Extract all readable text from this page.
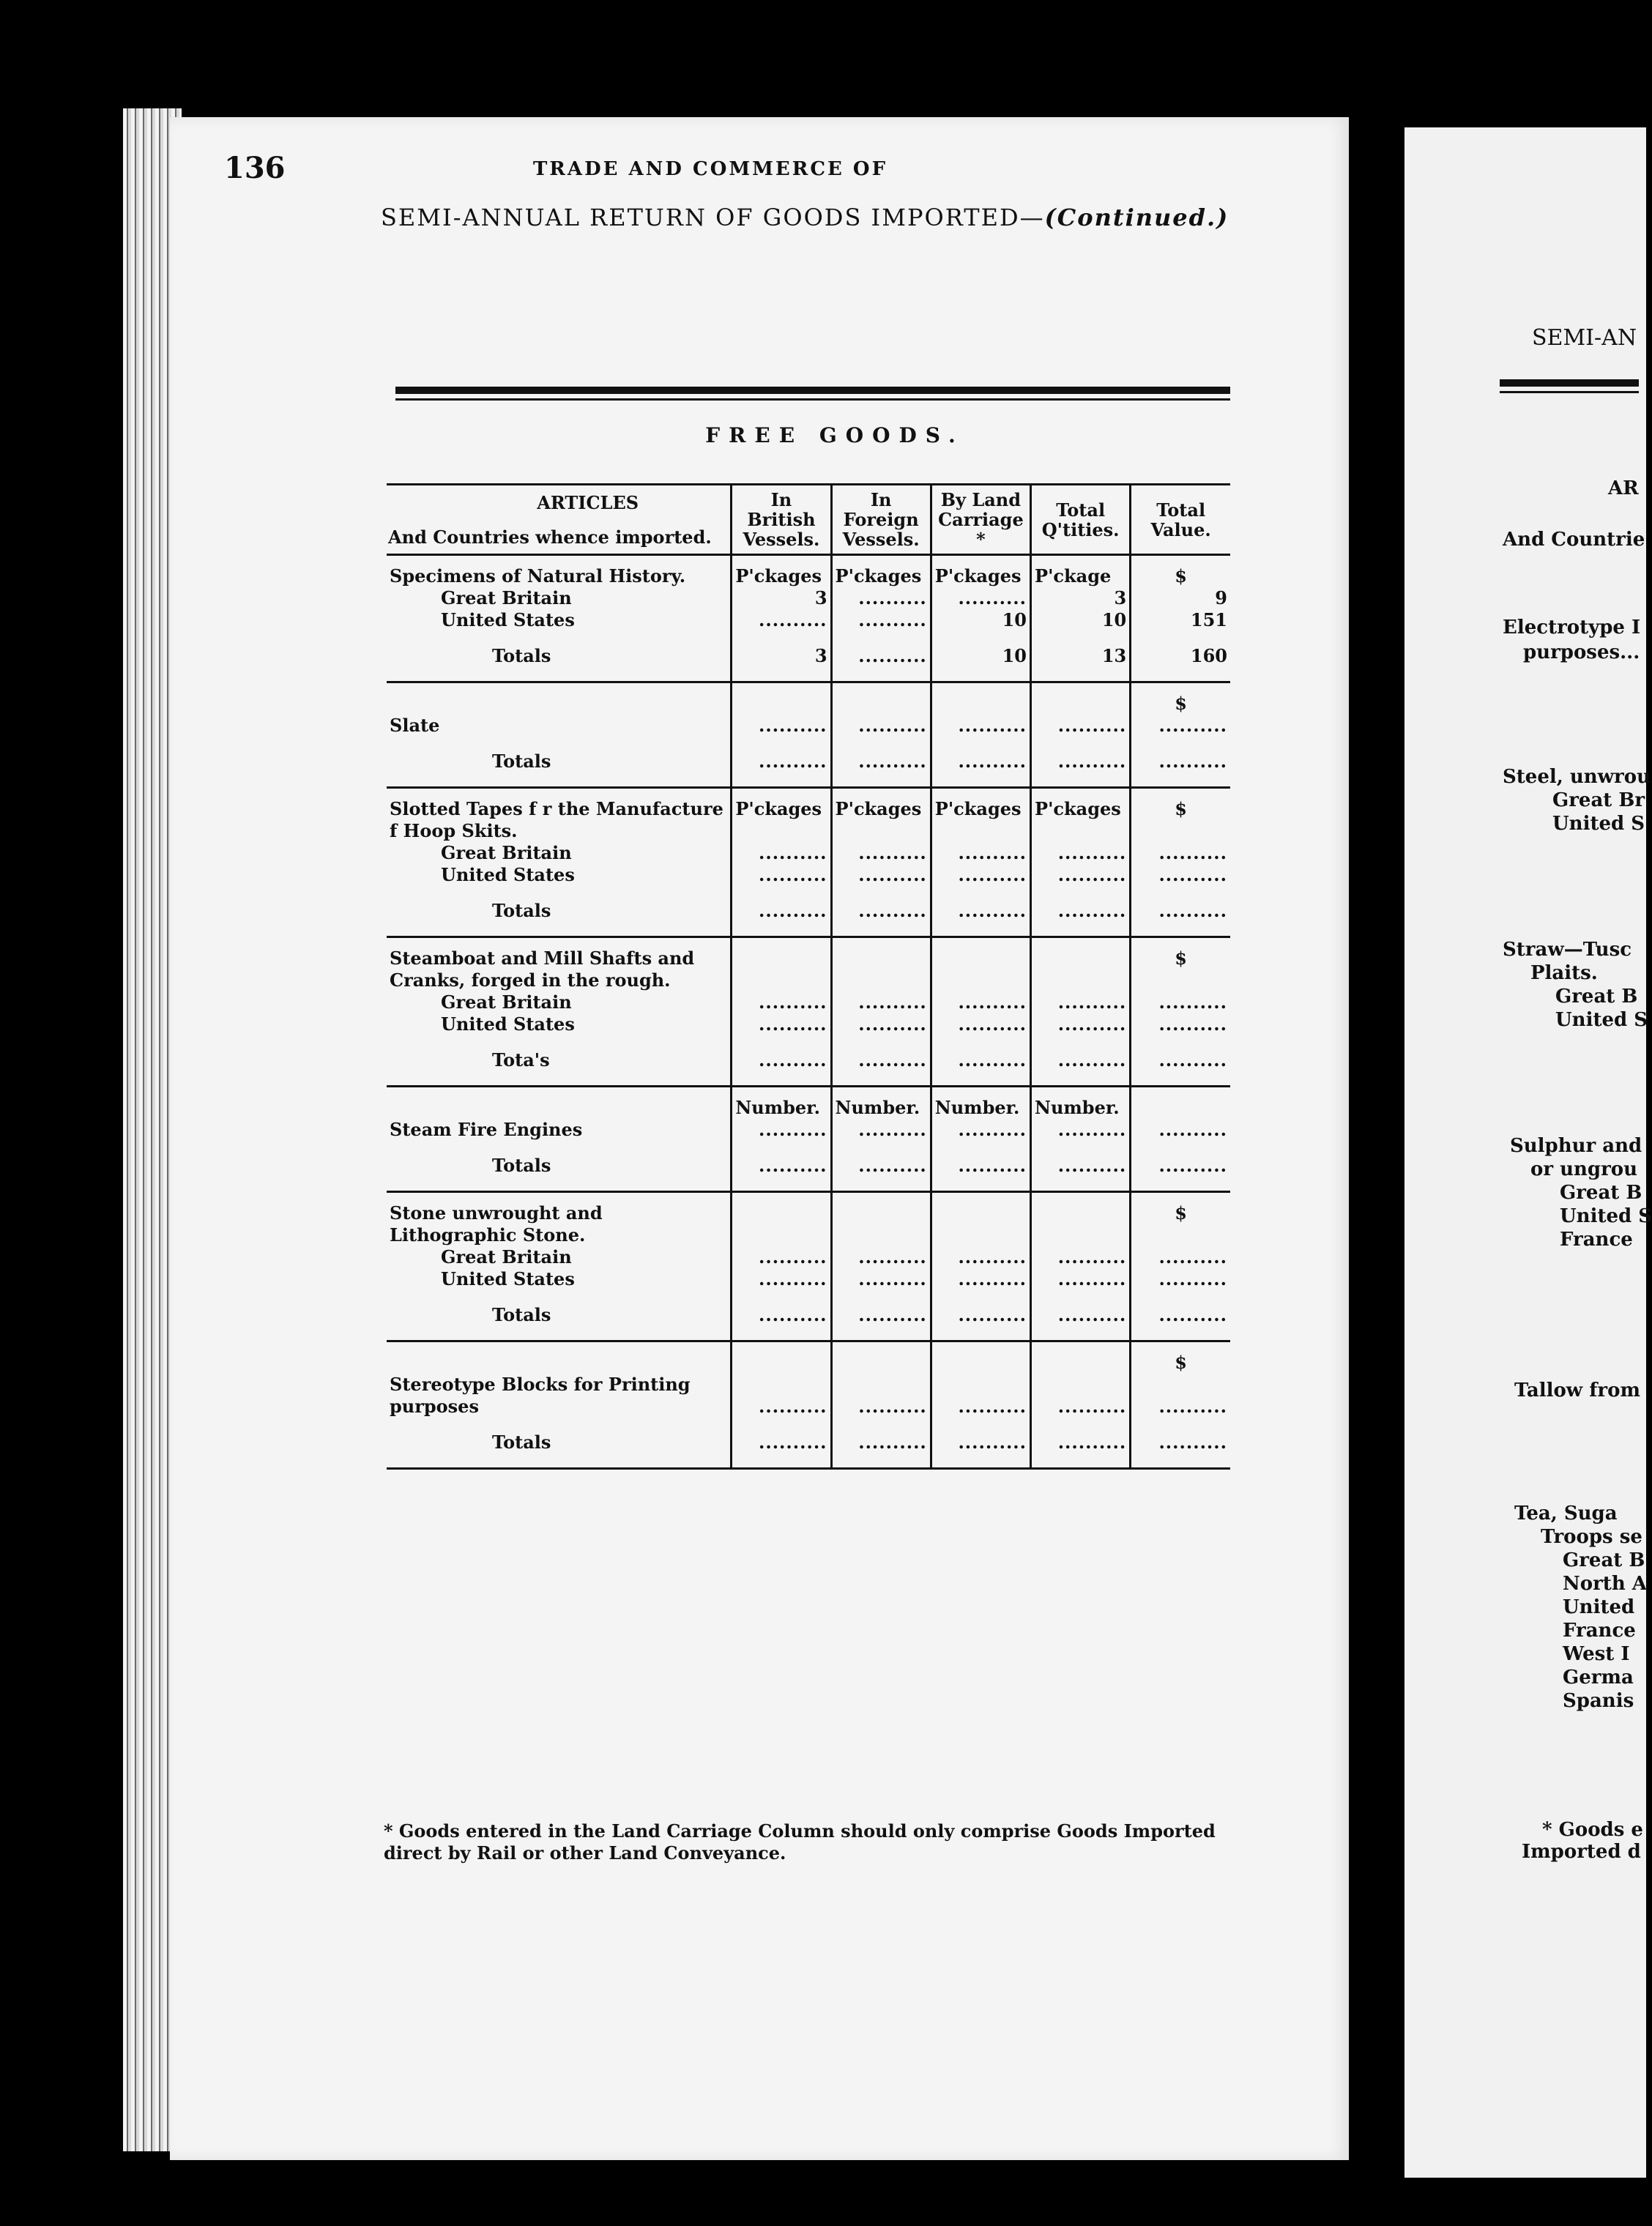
136	TRADE AND COMMERCE OF
SEMI-ANNUAL RETURN OF GOODS IMPORTED—(Continued.)
FREE GOODS.
ARTICLES
And Countries whence imported.	In British Vessels.	In Foreign Vessels.	By Land Carriage *	Total Q'tities.	Total Value.

Specimens of Natural History.	P'ckages	P'ckages	P'ckages	P'ckage	$

Great Britain	3	..........	..........	3	9

United States	..........	..........	10	10	151

Totals	3	..........	10	13	160

					$
Slate	..........	..........	..........	..........	..........

Totals	..........	..........	..........	..........	..........

Slotted Tapes f r the Manufacture f Hoop Skits.	P'ckages	P'ckages	P'ckages	P'ckages	$

Great Britain	..........	..........	..........	..........	..........

United States	..........	..........	..........	..........	..........

Totals	..........	..........	..........	..........	..........

Steamboat and Mill Shafts and Cranks, forged in the rough.					$

Great Britain	..........	..........	..........	..........	..........

United States	..........	..........	..........	..........	..........

Tota's	..........	..........	..........	..........	..........

	Number.	Number.	Number.	Number.	
Steam Fire Engines	..........	..........	..........	..........	..........

Totals	..........	..........	..........	..........	..........

Stone unwrought and Lithographic Stone.					$

Great Britain	..........	..........	..........	..........	..........

United States	..........	..........	..........	..........	..........

Totals	..........	..........	..........	..........	..........

					$
Stereotype Blocks for Printing purposes	..........	..........	..........	..........	..........

Totals	..........	..........	..........	..........	..........
* Goods entered in the Land Carriage Column should only comprise Goods Imported direct by Rail or other Land Conveyance.
SEMI-AN
AR
And Countrie
Electrotype I
purposes...
Steel, unwrou
Great Br
United S
Straw—Tusc
Plaits.
Great B
United S
Sulphur and
or ungrou
Great B
United S
France
Tallow from
Tea, Suga
Troops se
Great B
North A
United
France
West I
Germa
Spanis
* Goods e
Imported d
